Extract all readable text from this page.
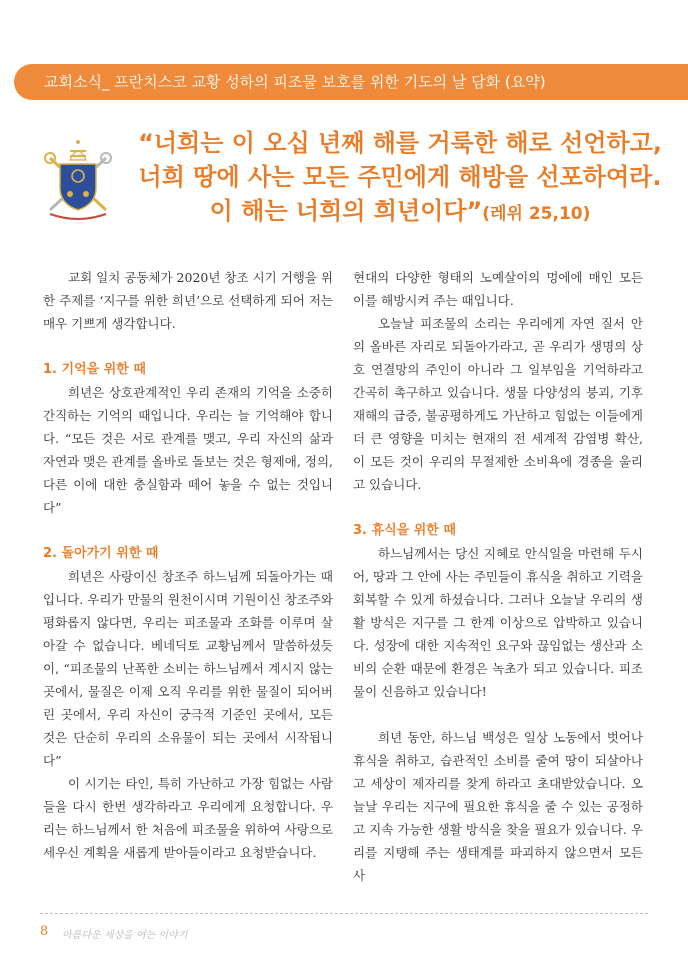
교회소식_ 프란치스코 교황 성하의 피조물 보호를 위한 기도의 날 담화 (요약)
“너희는 이 오십 년째 해를 거룩한 해로 선언하고,
너희 땅에 사는 모든 주민에게 해방을 선포하여라.
이 해는 너희의 희년이다”(레위 25,10)

교회 일치 공동체가 2020년 창조 시기 거행을 위한 주제를 ‘지구를 위한 희년’으로 선택하게 되어 저는 매우 기쁘게 생각합니다.

1. 기억을 위한 때

희년은 상호관계적인 우리 존재의 기억을 소중히 간직하는 기억의 때입니다. 우리는 늘 기억해야 합니다. “모든 것은 서로 관계를 맺고, 우리 자신의 삶과 자연과 맺은 관계를 올바로 돌보는 것은 형제애, 정의, 다른 이에 대한 충실함과 떼어 놓을 수 없는 것입니다”

2. 돌아가기 위한 때

희년은 사랑이신 창조주 하느님께 되돌아가는 때입니다. 우리가 만물의 원천이시며 기원이신 창조주와 평화롭지 않다면, 우리는 피조물과 조화를 이루며 살아갈 수 없습니다. 베네딕토 교황님께서 말씀하셨듯이, “피조물의 난폭한 소비는 하느님께서 계시지 않는 곳에서, 물질은 이제 오직 우리를 위한 물질이 되어버린 곳에서, 우리 자신이 궁극적 기준인 곳에서, 모든 것은 단순히 우리의 소유물이 되는 곳에서 시작됩니다”

이 시기는 타인, 특히 가난하고 가장 힘없는 사람들을 다시 한번 생각하라고 우리에게 요청합니다. 우리는 하느님께서 한 처음에 피조물을 위하여 사랑으로 세우신 계획을 새롭게 받아들이라고 요청받습니다.

현대의 다양한 형태의 노예살이의 멍에에 매인 모든 이를 해방시켜 주는 때입니다.

오늘날 피조물의 소리는 우리에게 자연 질서 안의 올바른 자리로 되돌아가라고, 곧 우리가 생명의 상호 연결망의 주인이 아니라 그 일부임을 기억하라고 간곡히 촉구하고 있습니다. 생물 다양성의 붕괴, 기후 재해의 급증, 불공평하게도 가난하고 힘없는 이들에게 더 큰 영향을 미치는 현재의 전 세계적 감염병 확산, 이 모든 것이 우리의 무절제한 소비욕에 경종을 울리고 있습니다.

3. 휴식을 위한 때

하느님께서는 당신 지혜로 안식일을 마련해 두시어, 땅과 그 안에 사는 주민들이 휴식을 취하고 기력을 회복할 수 있게 하셨습니다. 그러나 오늘날 우리의 생활 방식은 지구를 그 한계 이상으로 압박하고 있습니다. 성장에 대한 지속적인 요구와 끊임없는 생산과 소비의 순환 때문에 환경은 녹초가 되고 있습니다. 피조물이 신음하고 있습니다!

희년 동안, 하느님 백성은 일상 노동에서 벗어나 휴식을 취하고, 습관적인 소비를 줄여 땅이 되살아나고 세상이 제자리를 찾게 하라고 초대받았습니다. 오늘날 우리는 지구에 필요한 휴식을 줄 수 있는 공정하고 지속 가능한 생활 방식을 찾을 필요가 있습니다. 우리를 지탱해 주는 생태계를 파괴하지 않으면서 모든 사

8 아름다운 세상을 여는 이야기
